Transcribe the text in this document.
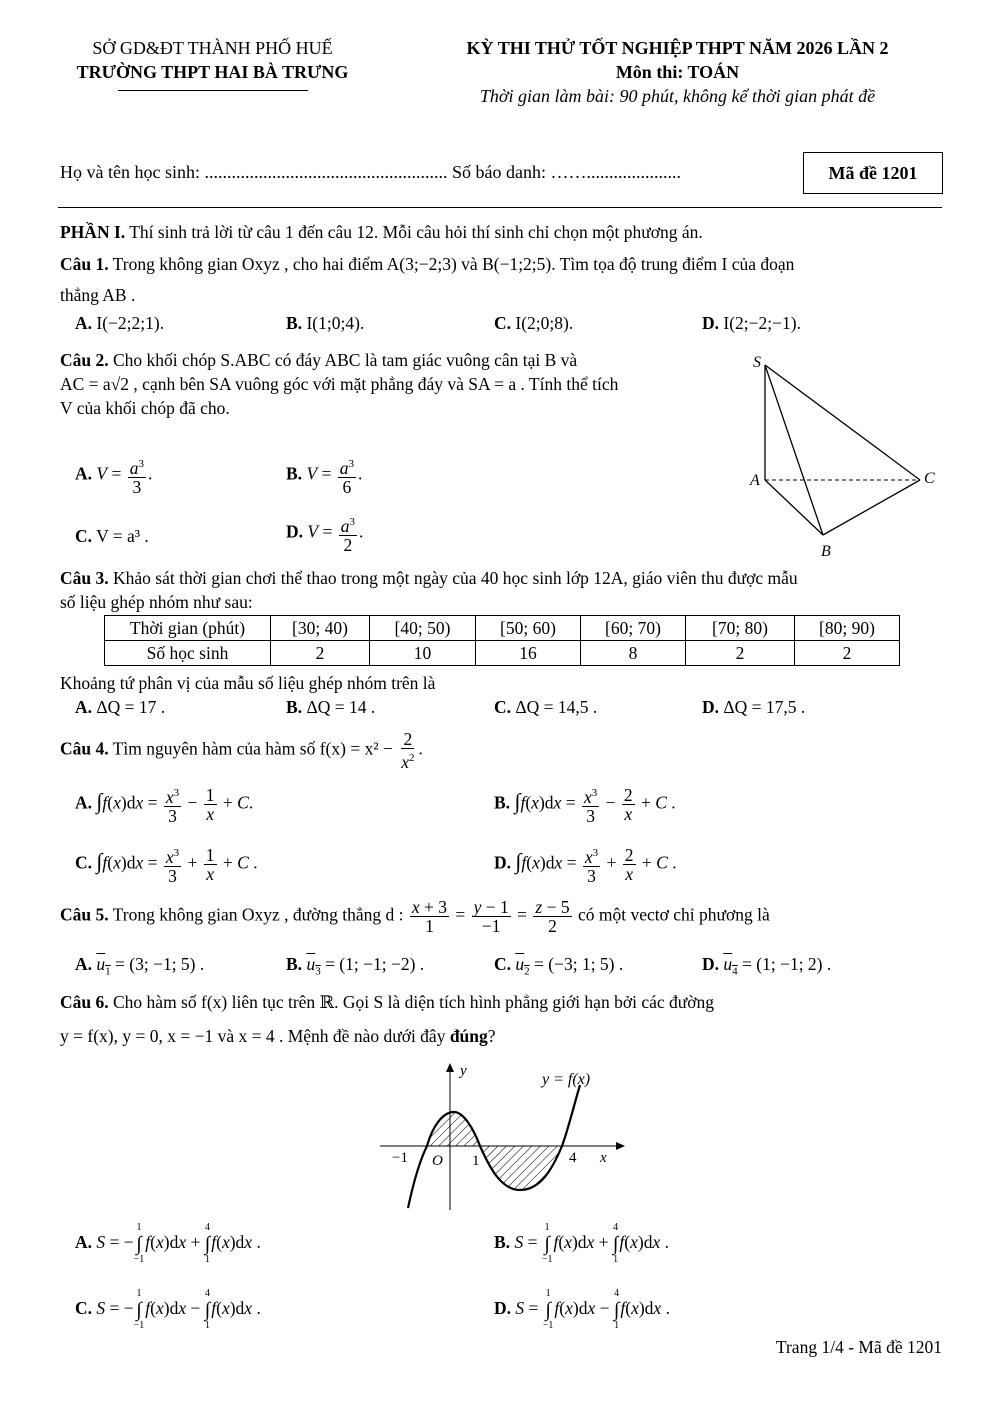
SỞ GD&ĐT THÀNH PHỐ HUẾ
TRƯỜNG THPT HAI BÀ TRƯNG
KỲ THI THỬ TỐT NGHIỆP THPT NĂM 2026 LẦN 2
Môn thi: TOÁN
Thời gian làm bài: 90 phút, không kể thời gian phát đề
Họ và tên học sinh: ...................................................... Số báo danh: …….....................	Mã đề 1201
PHẦN I. Thí sinh trả lời từ câu 1 đến câu 12. Mỗi câu hỏi thí sinh chỉ chọn một phương án.
Câu 1. Trong không gian Oxyz , cho hai điểm A(3;−2;3) và B(−1;2;5). Tìm tọa độ trung điểm I của đoạn
thẳng AB .
A. I(−2;2;1).	B. I(1;0;4).	C. I(2;0;8).	D. I(2;−2;−1).
Câu 2. Cho khối chóp S.ABC có đáy ABC là tam giác vuông cân tại B và
AC = a√2 , cạnh bên SA vuông góc với mặt phẳng đáy và SA = a . Tính thể tích
V của khối chóp đã cho.
A. $V = \frac{a^3}{3}$ .	B. $V = \frac{a^3}{6}$ .
C. V = a³ .	D. $V = \frac{a^3}{2}$ .
S
A	C
B
Câu 3. Khảo sát thời gian chơi thể thao trong một ngày của 40 học sinh lớp 12A, giáo viên thu được mẫu
số liệu ghép nhóm như sau:
Thời gian (phút)	[30; 40)	[40; 50)	[50; 60)	[60; 70)	[70; 80)	[80; 90)
Số học sinh	2	10	16	8	2	2
Khoảng tứ phân vị của mẫu số liệu ghép nhóm trên là
A. ΔQ = 17 .	B. ΔQ = 14 .	C. ΔQ = 14,5 .	D. ΔQ = 17,5 .
Câu 4. Tìm nguyên hàm của hàm số $f(x) = x^2 - \frac{2}{x^2}$ .
A. $\int f(x)dx = \frac{x^3}{3} - \frac{1}{x} + C$.	B. $\int f(x)dx = \frac{x^3}{3} - \frac{2}{x} + C$ .
C. $\int f(x)dx = \frac{x^3}{3} + \frac{1}{x} + C$ .	D. $\int f(x)dx = \frac{x^3}{3} + \frac{2}{x} + C$ .
Câu 5. Trong không gian Oxyz , đường thẳng d : $\frac{x + 3}{1} = \frac{y - 1}{-1} = \frac{z - 5}{2}$ có một vectơ chỉ phương là
A. $u_1 = (3$; −1; 5) .	B. $u_3 = (1$; −1; −2) .	C. $u_2 = (-3$; 1; 5) .	D. $u_4 = (1$; −1; 2) .
Câu 6. Cho hàm số f(x) liên tục trên ℝ. Gọi S là diện tích hình phẳng giới hạn bởi các đường
y = f(x), y = 0, x = −1 và x = 4 . Mệnh đề nào dưới đây đúng?
y	y = f(x)
−1 O 1	4 x
A. S = −
1
∫
−1
f(x)dx +
4
∫
1
f(x)dx .	B. S =
1
∫
−1
f(x)dx +
4
∫
1
f(x)dx .
C. S = −
1
∫
−1
f(x)dx −
4
∫
1
f(x)dx .	D. S =
1
∫
−1
f(x)dx −
4
∫
1
f(x)dx .
Trang 1/4 - Mã đề 1201
